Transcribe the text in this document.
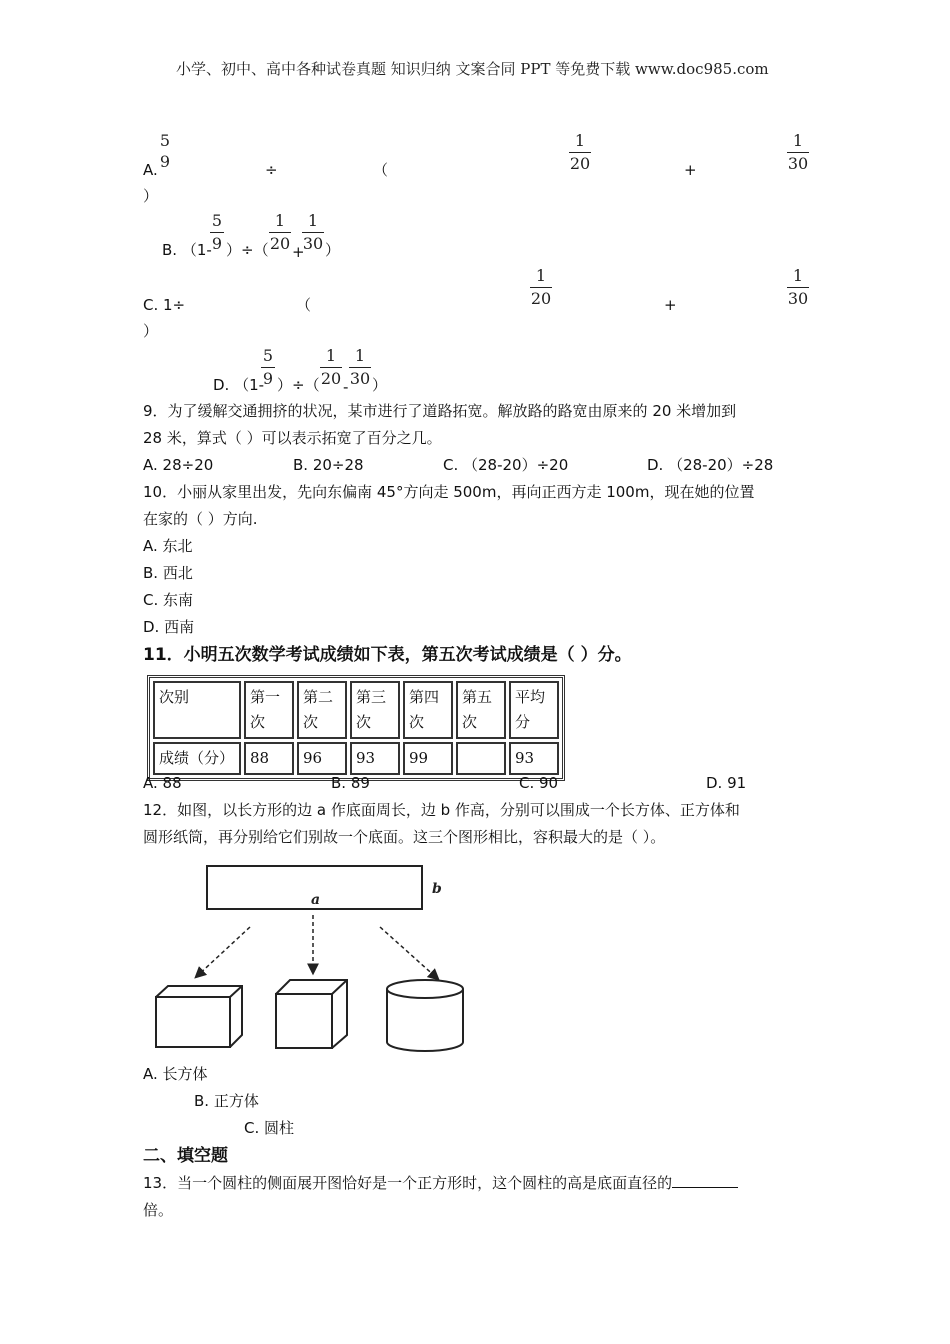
小学、初中、高中各种试卷真题 知识归纳 文案合同 PPT 等免费下载 www.doc985.com
5
9
A.	÷	（
1
20	+
1
30
）
B. （1-
5
9 ）÷（
1
20 +
1
30 ）
C. 1÷	（
1
20	+
1
30
）
D. （1-
5
9 ）÷（
1
20 -
1
30 ）
9．为了缓解交通拥挤的状况，某市进行了道路拓宽。解放路的路宽由原来的 20 米增加到
28 米，算式（ ）可以表示拓宽了百分之几。
A. 28÷20	B. 20÷28	C. （28-20）÷20	D. （28-20）÷28
10．小丽从家里出发，先向东偏南 45°方向走 500m，再向正西方走 100m，现在她的位置
在家的（ ）方向.
A. 东北
B. 西北
C. 东南
D. 西南
11．小明五次数学考试成绩如下表，第五次考试成绩是（ ）分。
次别	第一次	第二次	第三次	第四次	第五次	平均分
成绩（分）	88	96	93	99		93
A. 88	B. 89	C. 90	D. 91
12．如图，以长方形的边 a 作底面周长，边 b 作高，分别可以围成一个长方体、正方体和
圆形纸筒，再分别给它们别故一个底面。这三个图形相比，容积最大的是（ ）。
a
b
A. 长方体
B. 正方体
C. 圆柱
二、填空题
13．当一个圆柱的侧面展开图恰好是一个正方形时，这个圆柱的高是底面直径的
倍。
